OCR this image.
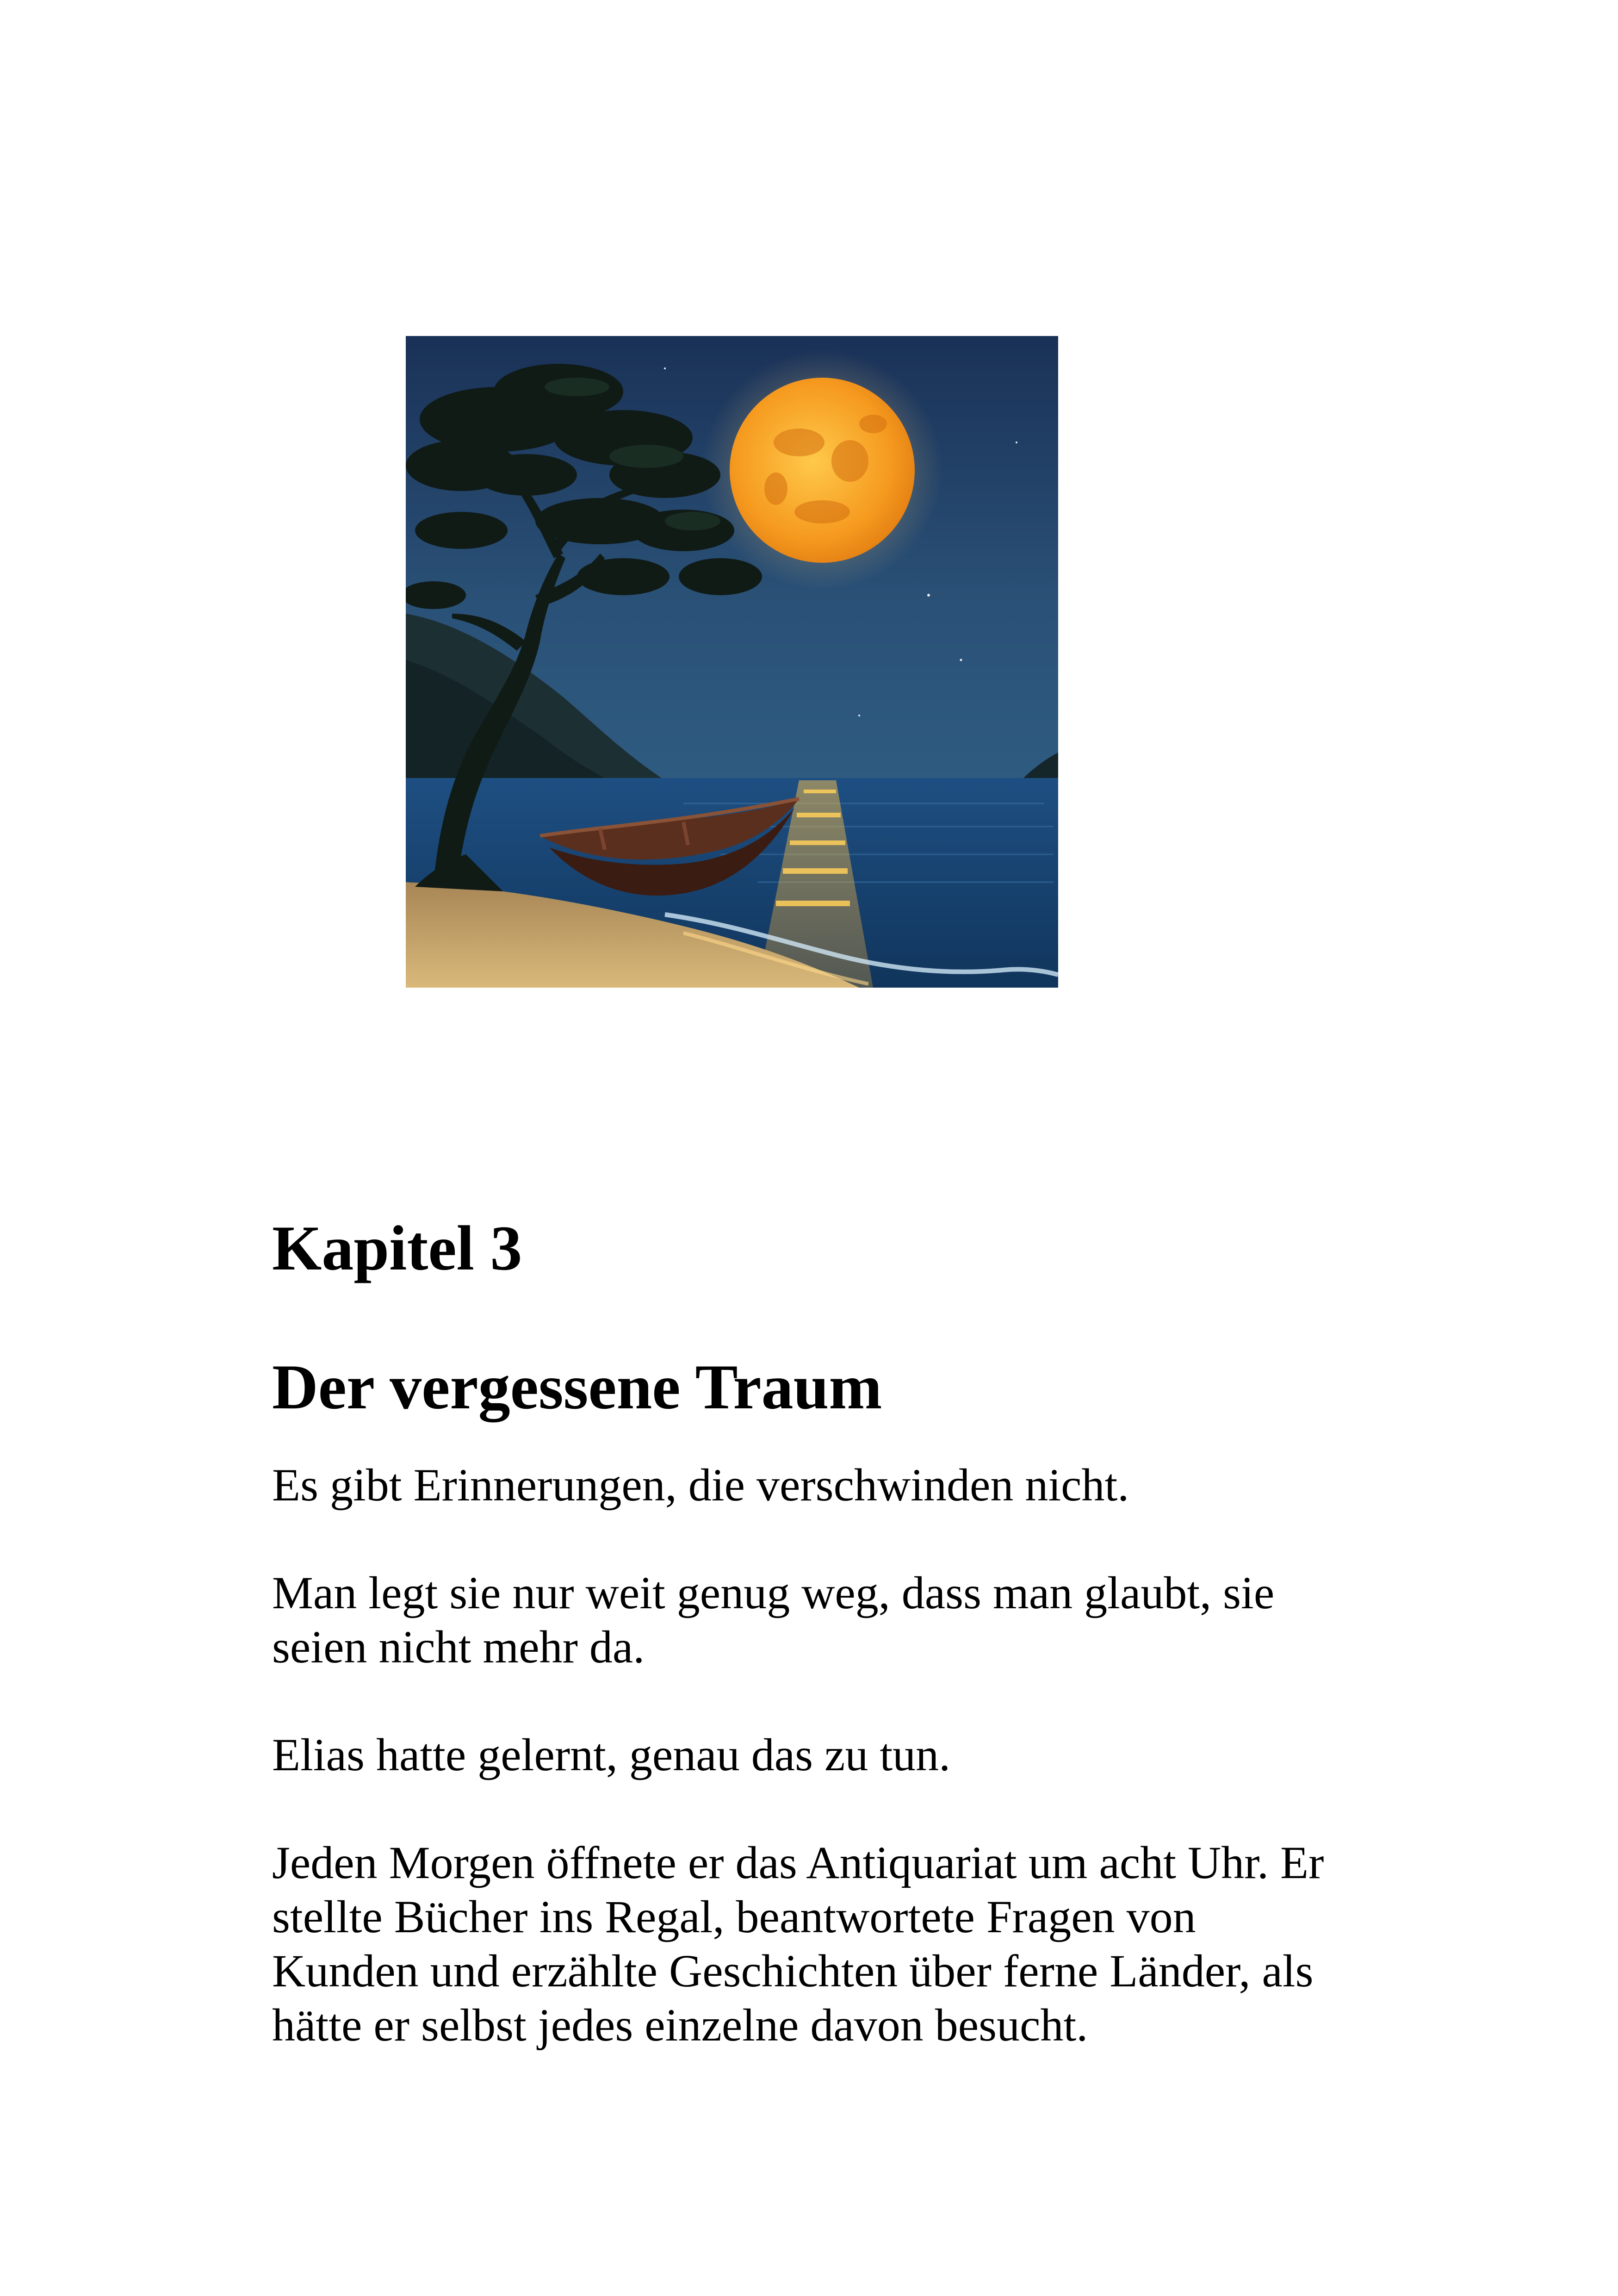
Kapitel 3
Der vergessene Traum

Es gibt Erinnerungen, die verschwinden nicht.

Man legt sie nur weit genug weg, dass man glaubt, sie
seien nicht mehr da.

Elias hatte gelernt, genau das zu tun.

Jeden Morgen öffnete er das Antiquariat um acht Uhr. Er
stellte Bücher ins Regal, beantwortete Fragen von
Kunden und erzählte Geschichten über ferne Länder, als
hätte er selbst jedes einzelne davon besucht.
